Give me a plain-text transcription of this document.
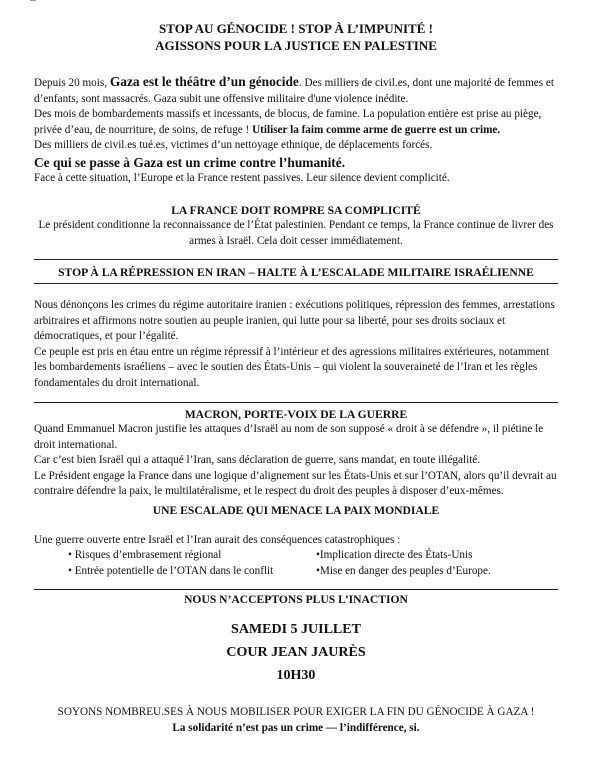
STOP AU GÉNOCIDE ! STOP À L’IMPUNITÉ !
AGISSONS POUR LA JUSTICE EN PALESTINE

Depuis 20 mois, Gaza est le théâtre d’un génocide. Des milliers de civil.es, dont une majorité de femmes et d’enfants, sont massacrés. Gaza subit une offensive militaire d'une violence inédite.

Des mois de bombardements massifs et incessants, de blocus, de famine. La population entière est prise au piège, privée d’eau, de nourriture, de soins, de refuge ! Utiliser la faim comme arme de guerre est un crime.

Des milliers de civil.es tué.es, victimes d’un nettoyage ethnique, de déplacements forcés.

Ce qui se passe à Gaza est un crime contre l’humanité.

Face à cette situation, l’Europe et la France restent passives. Leur silence devient complicité.

LA FRANCE DOIT ROMPRE SA COMPLICITÉ

Le président conditionne la reconnaissance de l’État palestinien. Pendant ce temps, la France continue de livrer des armes à Israël. Cela doit cesser immédiatement.

STOP À LA RÉPRESSION EN IRAN – HALTE À L’ESCALADE MILITAIRE ISRAÉLIENNE

Nous dénonçons les crimes du régime autoritaire iranien : exécutions politiques, répression des femmes, arrestations arbitraires et affirmons notre soutien au peuple iranien, qui lutte pour sa liberté, pour ses droits sociaux et démocratiques, et pour l’égalité.

Ce peuple est pris en étau entre un régime répressif à l’intérieur et des agressions militaires extérieures, notamment les bombardements israéliens – avec le soutien des États-Unis – qui violent la souveraineté de l’Iran et les règles fondamentales du droit international.

MACRON, PORTE-VOIX DE LA GUERRE

Quand Emmanuel Macron justifie les attaques d’Israël au nom de son supposé « droit à se défendre », il piétine le droit international.

Car c’est bien Israël qui a attaqué l’Iran, sans déclaration de guerre, sans mandat, en toute illégalité.

Le Président engage la France dans une logique d’alignement sur les États-Unis et sur l’OTAN, alors qu’il devrait au contraire défendre la paix, le multilatéralisme, et le respect du droit des peuples à disposer d’eux-mêmes.

UNE ESCALADE QUI MENACE LA PAIX MONDIALE

Une guerre ouverte entre Israël et l’Iran aurait des conséquences catastrophiques :

• Risques d’embrasement régional	•Implication directe des États-Unis
• Entrée potentielle de l’OTAN dans le conflit	•Mise en danger des peuples d’Europe.

NOUS N’ACCEPTONS PLUS L’INACTION

SAMEDI 5 JUILLET
COUR JEAN JAURÈS
10H30

SOYONS NOMBREU.SES À NOUS MOBILISER POUR EXIGER LA FIN DU GÉNOCIDE À GAZA !

La solidarité n’est pas un crime — l’indifférence, si.
